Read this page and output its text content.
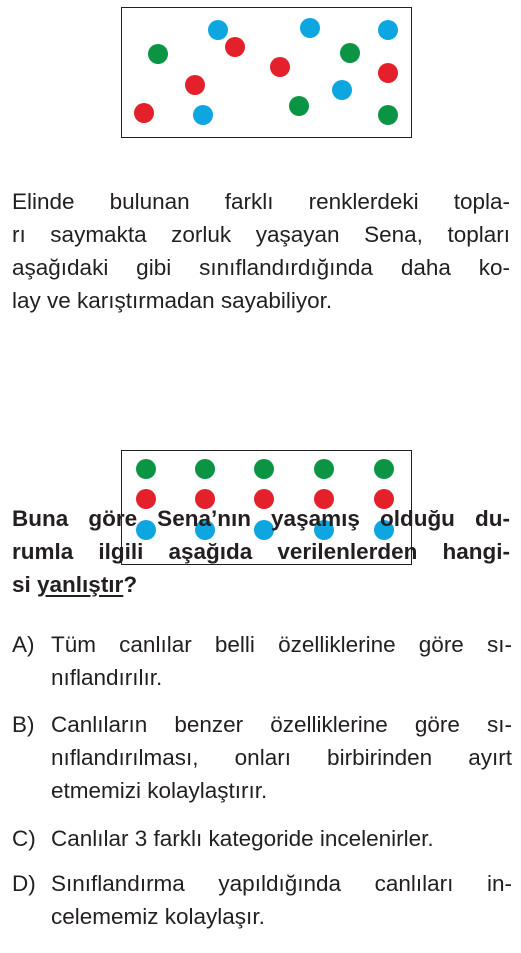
Elinde bulunan farklı renklerdeki topla-
rı saymakta zorluk yaşayan Sena, topları
aşağıdaki gibi sınıflandırdığında daha ko-
lay ve karıştırmadan sayabiliyor.
Buna göre Sena’nın yaşamış olduğu du-
rumla ilgili aşağıda verilenlerden hangi-
si yanlıştır?
A) Tüm canlılar belli özelliklerine göre sı-
nıflandırılır.
B) Canlıların benzer özelliklerine göre sı-
nıflandırılması, onları birbirinden ayırt
etmemizi kolaylaştırır.
C) Canlılar 3 farklı kategoride incelenirler.
D) Sınıflandırma yapıldığında canlıları in-
celememiz kolaylaşır.
